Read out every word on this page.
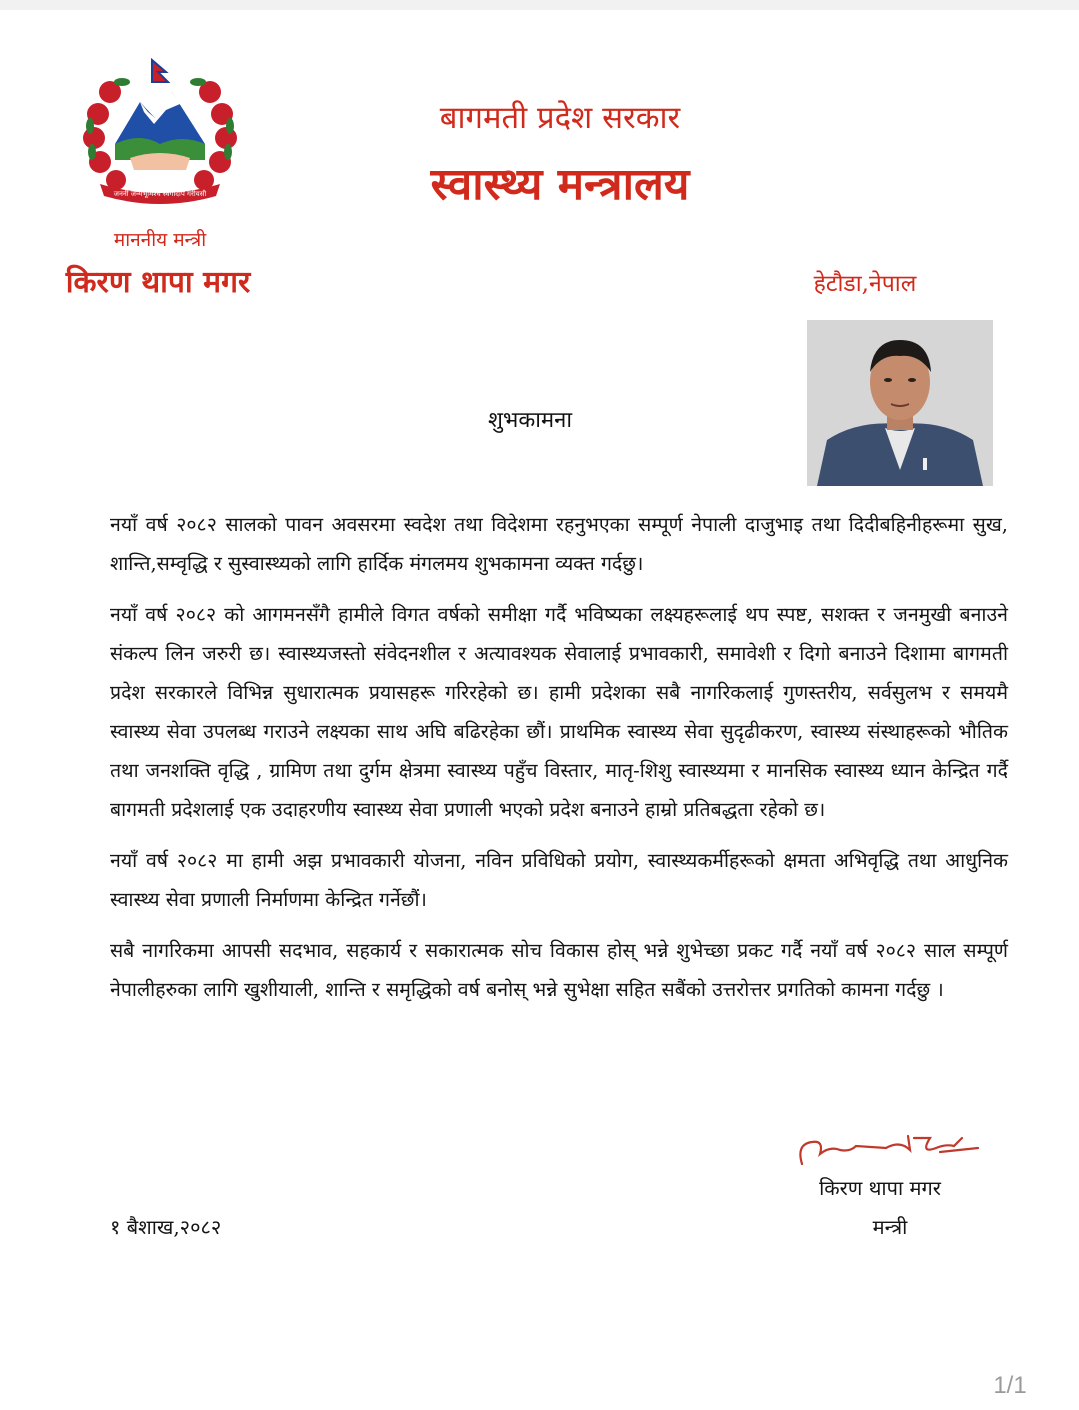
जननी जन्मभूमिश्च स्वर्गादपि गरीयसी
बागमती प्रदेश सरकार
स्वास्थ्य मन्त्रालय
माननीय मन्त्री
किरण थापा मगर	हेटौडा,नेपाल
शुभकामना

नयाँ वर्ष २०८२ सालको पावन अवसरमा स्वदेश तथा विदेशमा रहनुभएका सम्पूर्ण नेपाली दाजुभाइ तथा दिदीबहिनीहरूमा सुख, शान्ति,सम्वृद्धि र सुस्वास्थ्यको लागि हार्दिक मंगलमय शुभकामना व्यक्त गर्दछु।

नयाँ वर्ष २०८२ को आगमनसँगै हामीले विगत वर्षको समीक्षा गर्दै भविष्यका लक्ष्यहरूलाई थप स्पष्ट, सशक्त र जनमुखी बनाउने संकल्प लिन जरुरी छ। स्वास्थ्यजस्तो संवेदनशील र अत्यावश्यक सेवालाई प्रभावकारी, समावेशी र दिगो बनाउने दिशामा बागमती प्रदेश सरकारले विभिन्न सुधारात्मक प्रयासहरू गरिरहेको छ। हामी प्रदेशका सबै नागरिकलाई गुणस्तरीय, सर्वसुलभ र समयमै स्वास्थ्य सेवा उपलब्ध गराउने लक्ष्यका साथ अघि बढिरहेका छौं। प्राथमिक स्वास्थ्य सेवा सुदृढीकरण, स्वास्थ्य संस्थाहरूको भौतिक तथा जनशक्ति वृद्धि , ग्रामिण तथा दुर्गम क्षेत्रमा स्वास्थ्य पहुँच विस्तार, मातृ-शिशु स्वास्थ्यमा र मानसिक स्वास्थ्य ध्यान केन्द्रित गर्दै बागमती प्रदेशलाई एक उदाहरणीय स्वास्थ्य सेवा प्रणाली भएको प्रदेश बनाउने हाम्रो प्रतिबद्धता रहेको छ।

नयाँ वर्ष २०८२ मा हामी अझ प्रभावकारी योजना, नविन प्रविधिको प्रयोग, स्वास्थ्यकर्मीहरूको क्षमता अभिवृद्धि तथा आधुनिक स्वास्थ्य सेवा प्रणाली निर्माणमा केन्द्रित गर्नेछौं।

सबै नागरिकमा आपसी सदभाव, सहकार्य र सकारात्मक सोच विकास होस् भन्ने शुभेच्छा प्रकट गर्दै नयाँ वर्ष २०८२ साल सम्पूर्ण नेपालीहरुका लागि खुशीयाली, शान्ति र समृद्धिको वर्ष बनोस् भन्ने सुभेक्षा सहित सबैंको उत्तरोत्तर प्रगतिको कामना गर्दछु ।

किरण थापा मगर
१ बैशाख,२०८२	मन्त्री
1/1
